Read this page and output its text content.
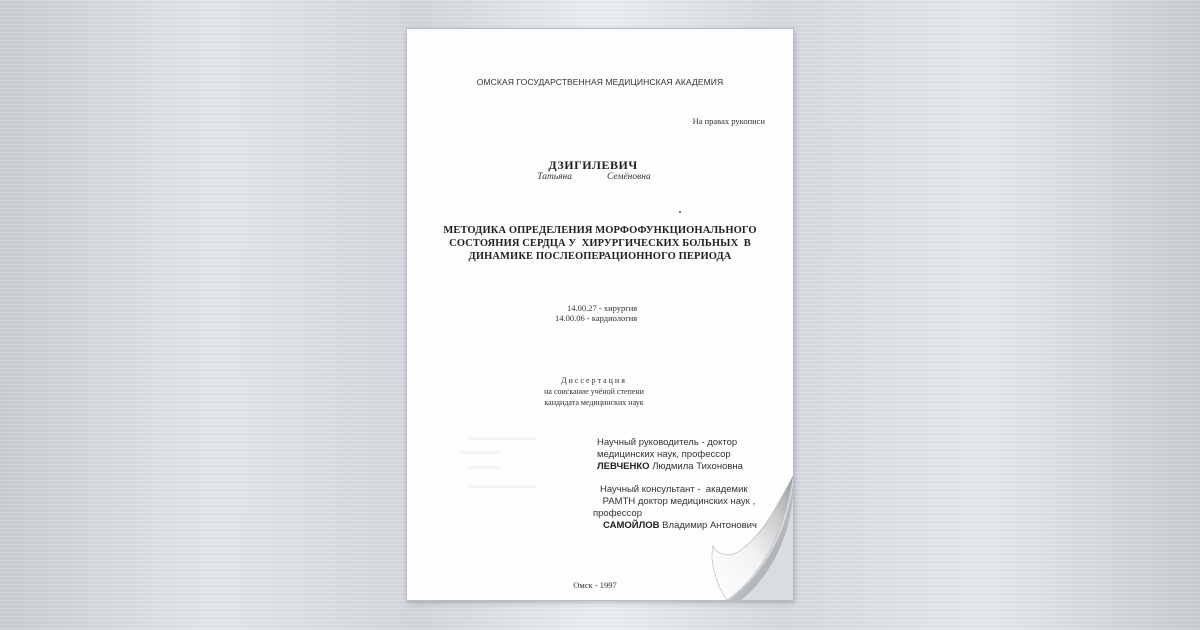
ОМСКАЯ ГОСУДАРСТВЕННАЯ МЕДИЦИНСКАЯ АКАДЕМИЯ
На правах рукописи
ДЗИГИЛЕВИЧ
Татьяна        Семёновна
МЕТОДИКА ОПРЕДЕЛЕНИЯ МОРФОФУНКЦИОНАЛЬНОГО
СОСТОЯНИЯ СЕРДЦА У  ХИРУРГИЧЕСКИХ БОЛЬНЫХ  В
ДИНАМИКЕ ПОСЛЕОПЕРАЦИОННОГО ПЕРИОДА
14.00.27 - хирургия
14.00.06 - кардиология
Диссертация
на соискание учёной степени
кандидата медицинских наук
Научный руководитель - доктор
медицинских наук, профессор
ЛЕВЧЕНКО Людмила Тихоновна
Научный консультант -  академик
РАМТН доктор медицинских наук ,
профессор
САМОЙЛОВ Владимир Антонович
Омск - 1997
